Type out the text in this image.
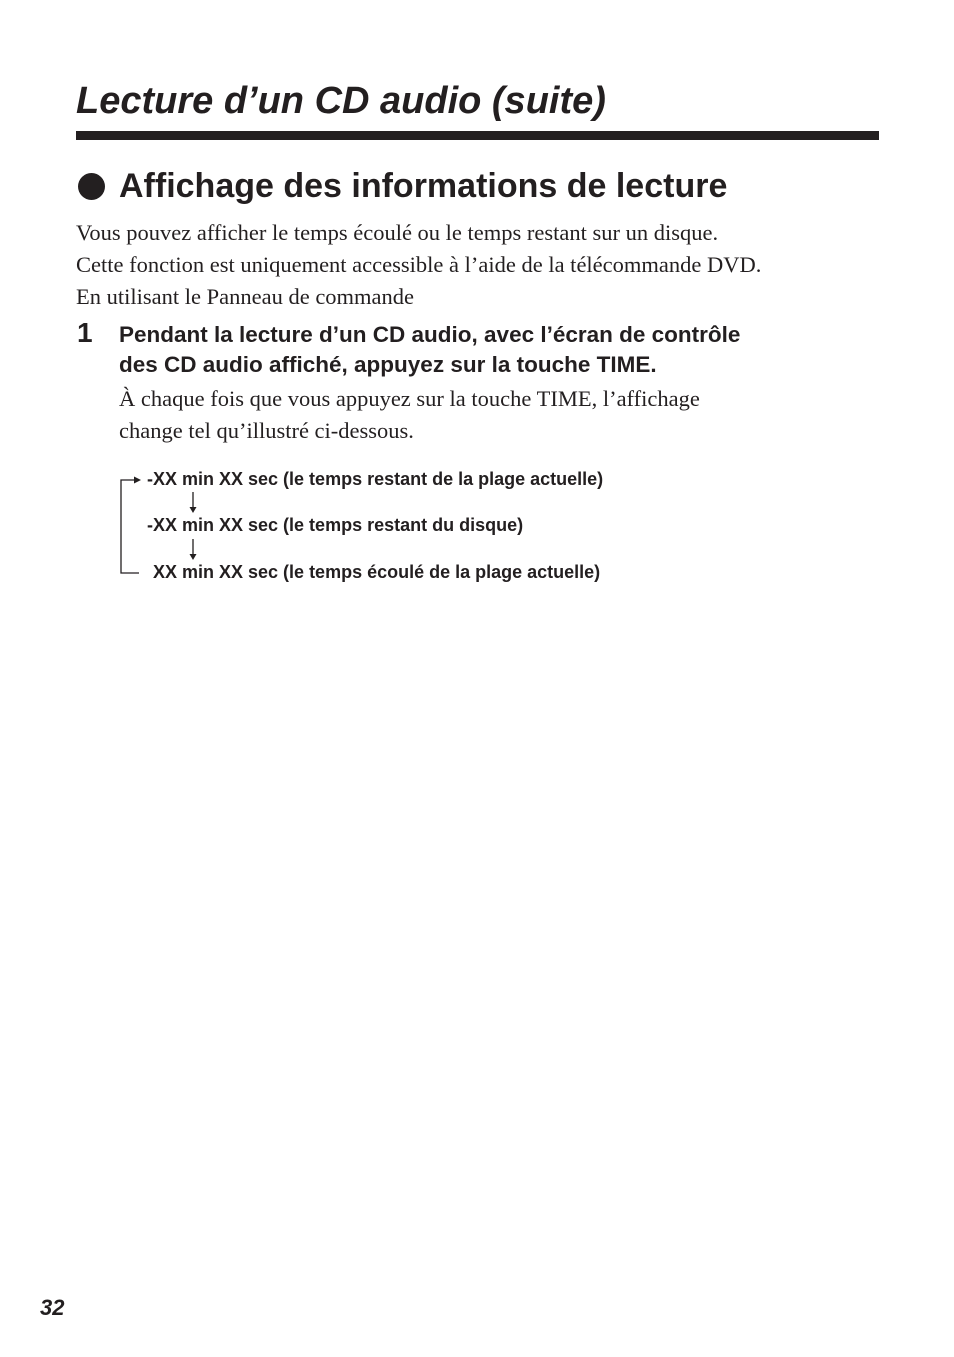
Lecture d’un CD audio (suite)
Affichage des informations de lecture
Vous pouvez afficher le temps écoulé ou le temps restant sur un disque.
Cette fonction est uniquement accessible à l’aide de la télécommande DVD.
En utilisant le Panneau de commande
1 Pendant la lecture d’un CD audio, avec l’écran de contrôle
des CD audio affiché, appuyez sur la touche TIME.
À chaque fois que vous appuyez sur la touche TIME, l’affichage
change tel qu’illustré ci-dessous.
-XX min XX sec (le temps restant de la plage actuelle)
-XX min XX sec (le temps restant du disque)
XX min XX sec (le temps écoulé de la plage actuelle)
32
